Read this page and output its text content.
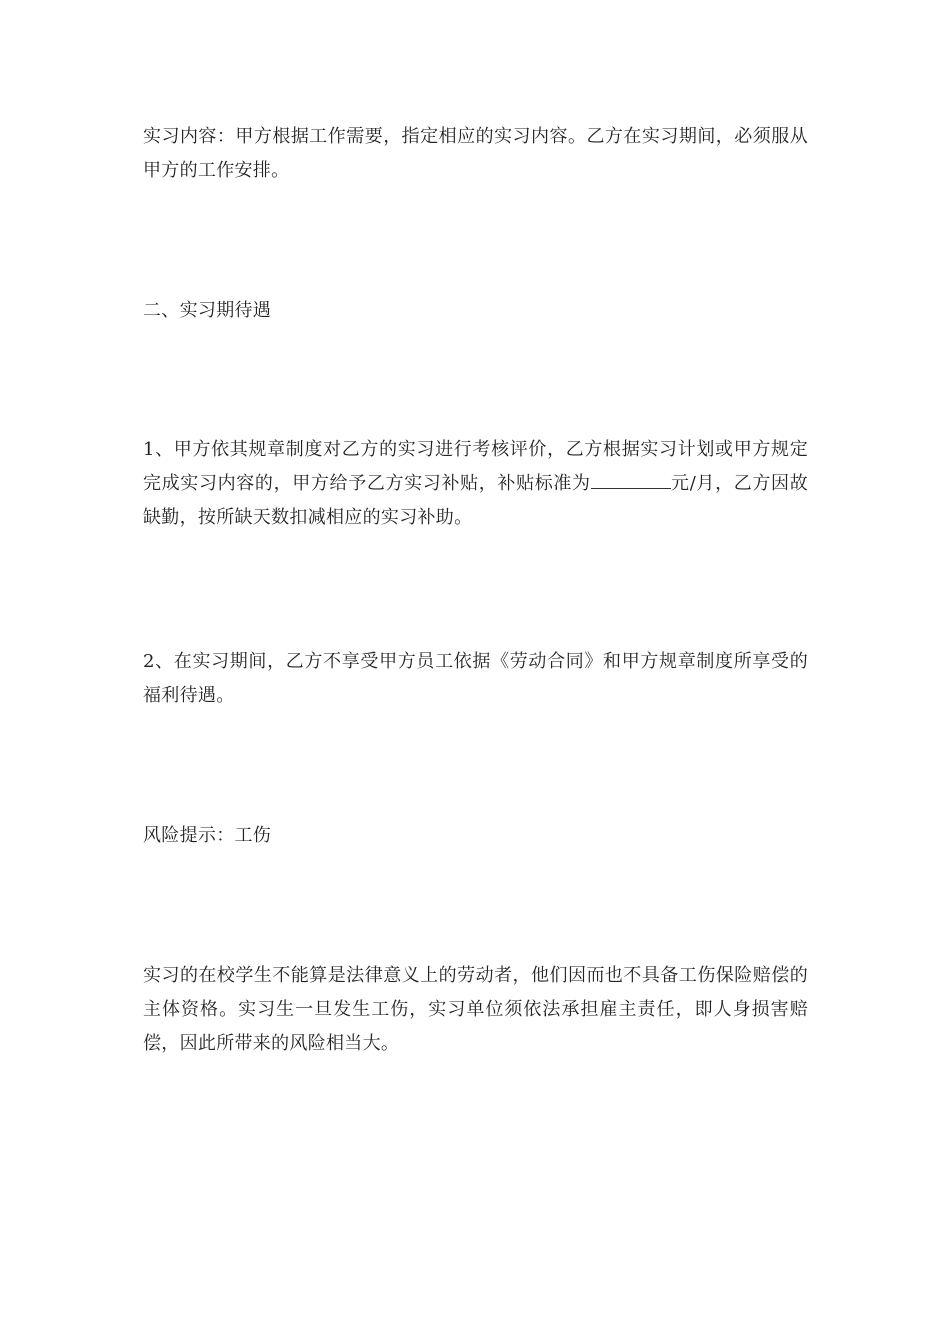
实习内容：甲方根据工作需要，指定相应的实习内容。乙方在实习期间，必须服从甲方的工作安排。

二、实习期待遇

1、甲方依其规章制度对乙方的实习进行考核评价，乙方根据实习计划或甲方规定完成实习内容的，甲方给予乙方实习补贴，补贴标准为	元/月，乙方因故缺勤，按所缺天数扣减相应的实习补助。

2、在实习期间，乙方不享受甲方员工依据《劳动合同》和甲方规章制度所享受的福利待遇。

风险提示：工伤

实习的在校学生不能算是法律意义上的劳动者，他们因而也不具备工伤保险赔偿的主体资格。实习生一旦发生工伤，实习单位须依法承担雇主责任，即人身损害赔偿，因此所带来的风险相当大。
